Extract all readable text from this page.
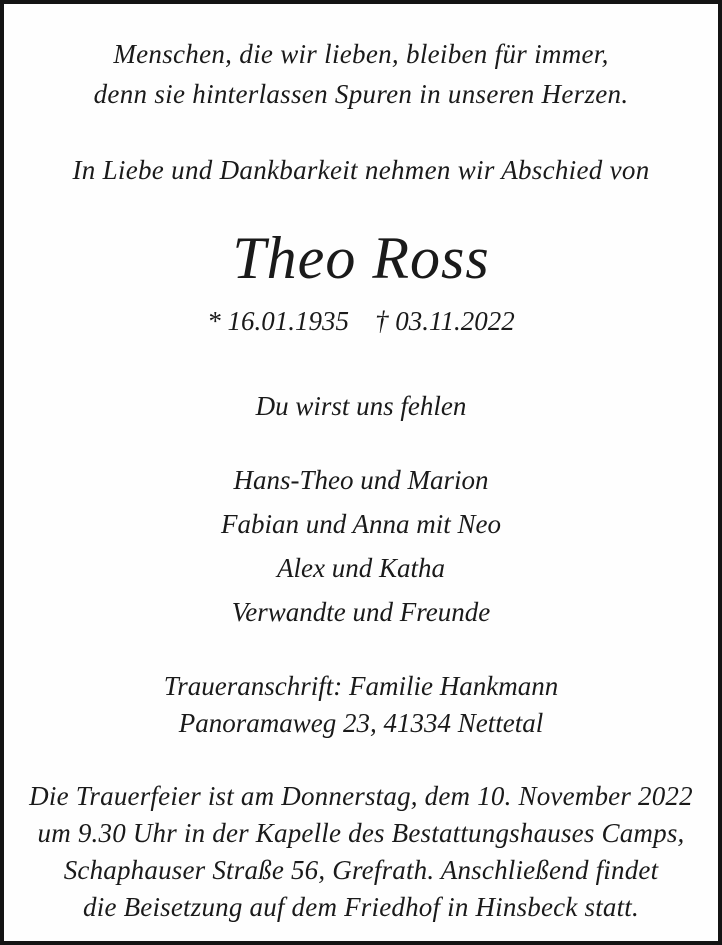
Menschen, die wir lieben, bleiben für immer,
denn sie hinterlassen Spuren in unseren Herzen.
In Liebe und Dankbarkeit nehmen wir Abschied von
Theo Ross
* 16.01.1935 † 03.11.2022
Du wirst uns fehlen
Hans-Theo und Marion
Fabian und Anna mit Neo
Alex und Katha
Verwandte und Freunde
Traueranschrift: Familie Hankmann
Panoramaweg 23, 41334 Nettetal
Die Trauerfeier ist am Donnerstag, dem 10. November 2022
um 9.30 Uhr in der Kapelle des Bestattungshauses Camps,
Schaphauser Straße 56, Grefrath. Anschließend findet
die Beisetzung auf dem Friedhof in Hinsbeck statt.
